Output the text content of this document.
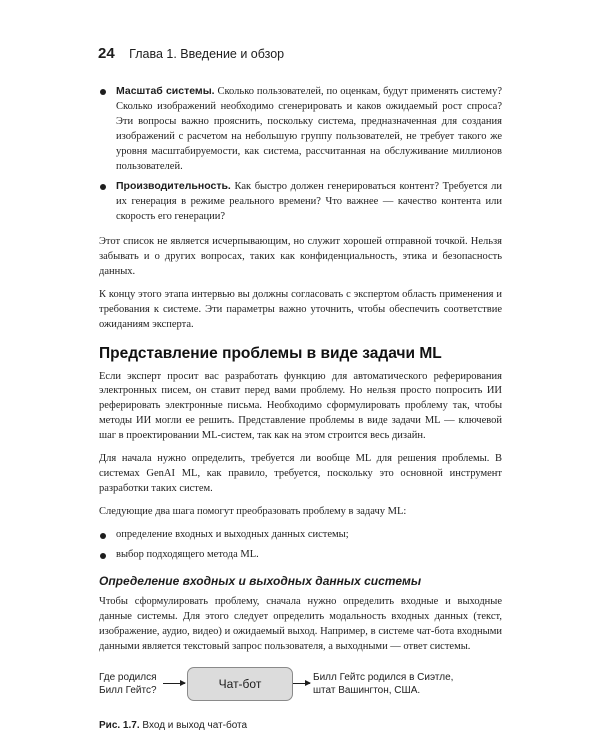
24 Глава 1. Введение и обзор
Масштаб системы. Сколько пользователей, по оценкам, будут применять систему? Сколько изображений необходимо сгенерировать и каков ожидаемый рост спроса? Эти вопросы важно прояснить, поскольку система, предназначенная для создания изображений с расчетом на небольшую группу пользователей, не требует такого же уровня масштабируемости, как система, рассчитанная на обслуживание миллионов пользователей.
Производительность. Как быстро должен генерироваться контент? Требуется ли их генерация в режиме реального времени? Что важнее — качество контента или скорость его генерации?

Этот список не является исчерпывающим, но служит хорошей отправной точкой. Нельзя забывать и о других вопросах, таких как конфиденциальность, этика и безопасность данных.

К концу этого этапа интервью вы должны согласовать с экспертом область применения и требования к системе. Эти параметры важно уточнить, чтобы обеспечить соответствие ожиданиям эксперта.

Представление проблемы в виде задачи ML

Если эксперт просит вас разработать функцию для автоматического реферирования электронных писем, он ставит перед вами проблему. Но нельзя просто попросить ИИ реферировать электронные письма. Необходимо сформулировать проблему так, чтобы методы ИИ могли ее решить. Представление проблемы в виде задачи ML — ключевой шаг в проектировании ML-систем, так как на этом строится весь дизайн.

Для начала нужно определить, требуется ли вообще ML для решения проблемы. В системах GenAI ML, как правило, требуется, поскольку это основной инструмент разработки таких систем.

Следующие два шага помогут преобразовать проблему в задачу ML:

определение входных и выходных данных системы;
выбор подходящего метода ML.
Определение входных и выходных данных системы

Чтобы сформулировать проблему, сначала нужно определить входные и выходные данные системы. Для этого следует определить модальность входных данных (текст, изображение, аудио, видео) и ожидаемый выход. Например, в системе чат-бота входными данными является текстовый запрос пользователя, а выходными — ответ системы.

Где родился
Билл Гейтс?	Чат-бот	Билл Гейтс родился в Сиэтле,
штат Вашингтон, США.
Рис. 1.7. Вход и выход чат-бота
